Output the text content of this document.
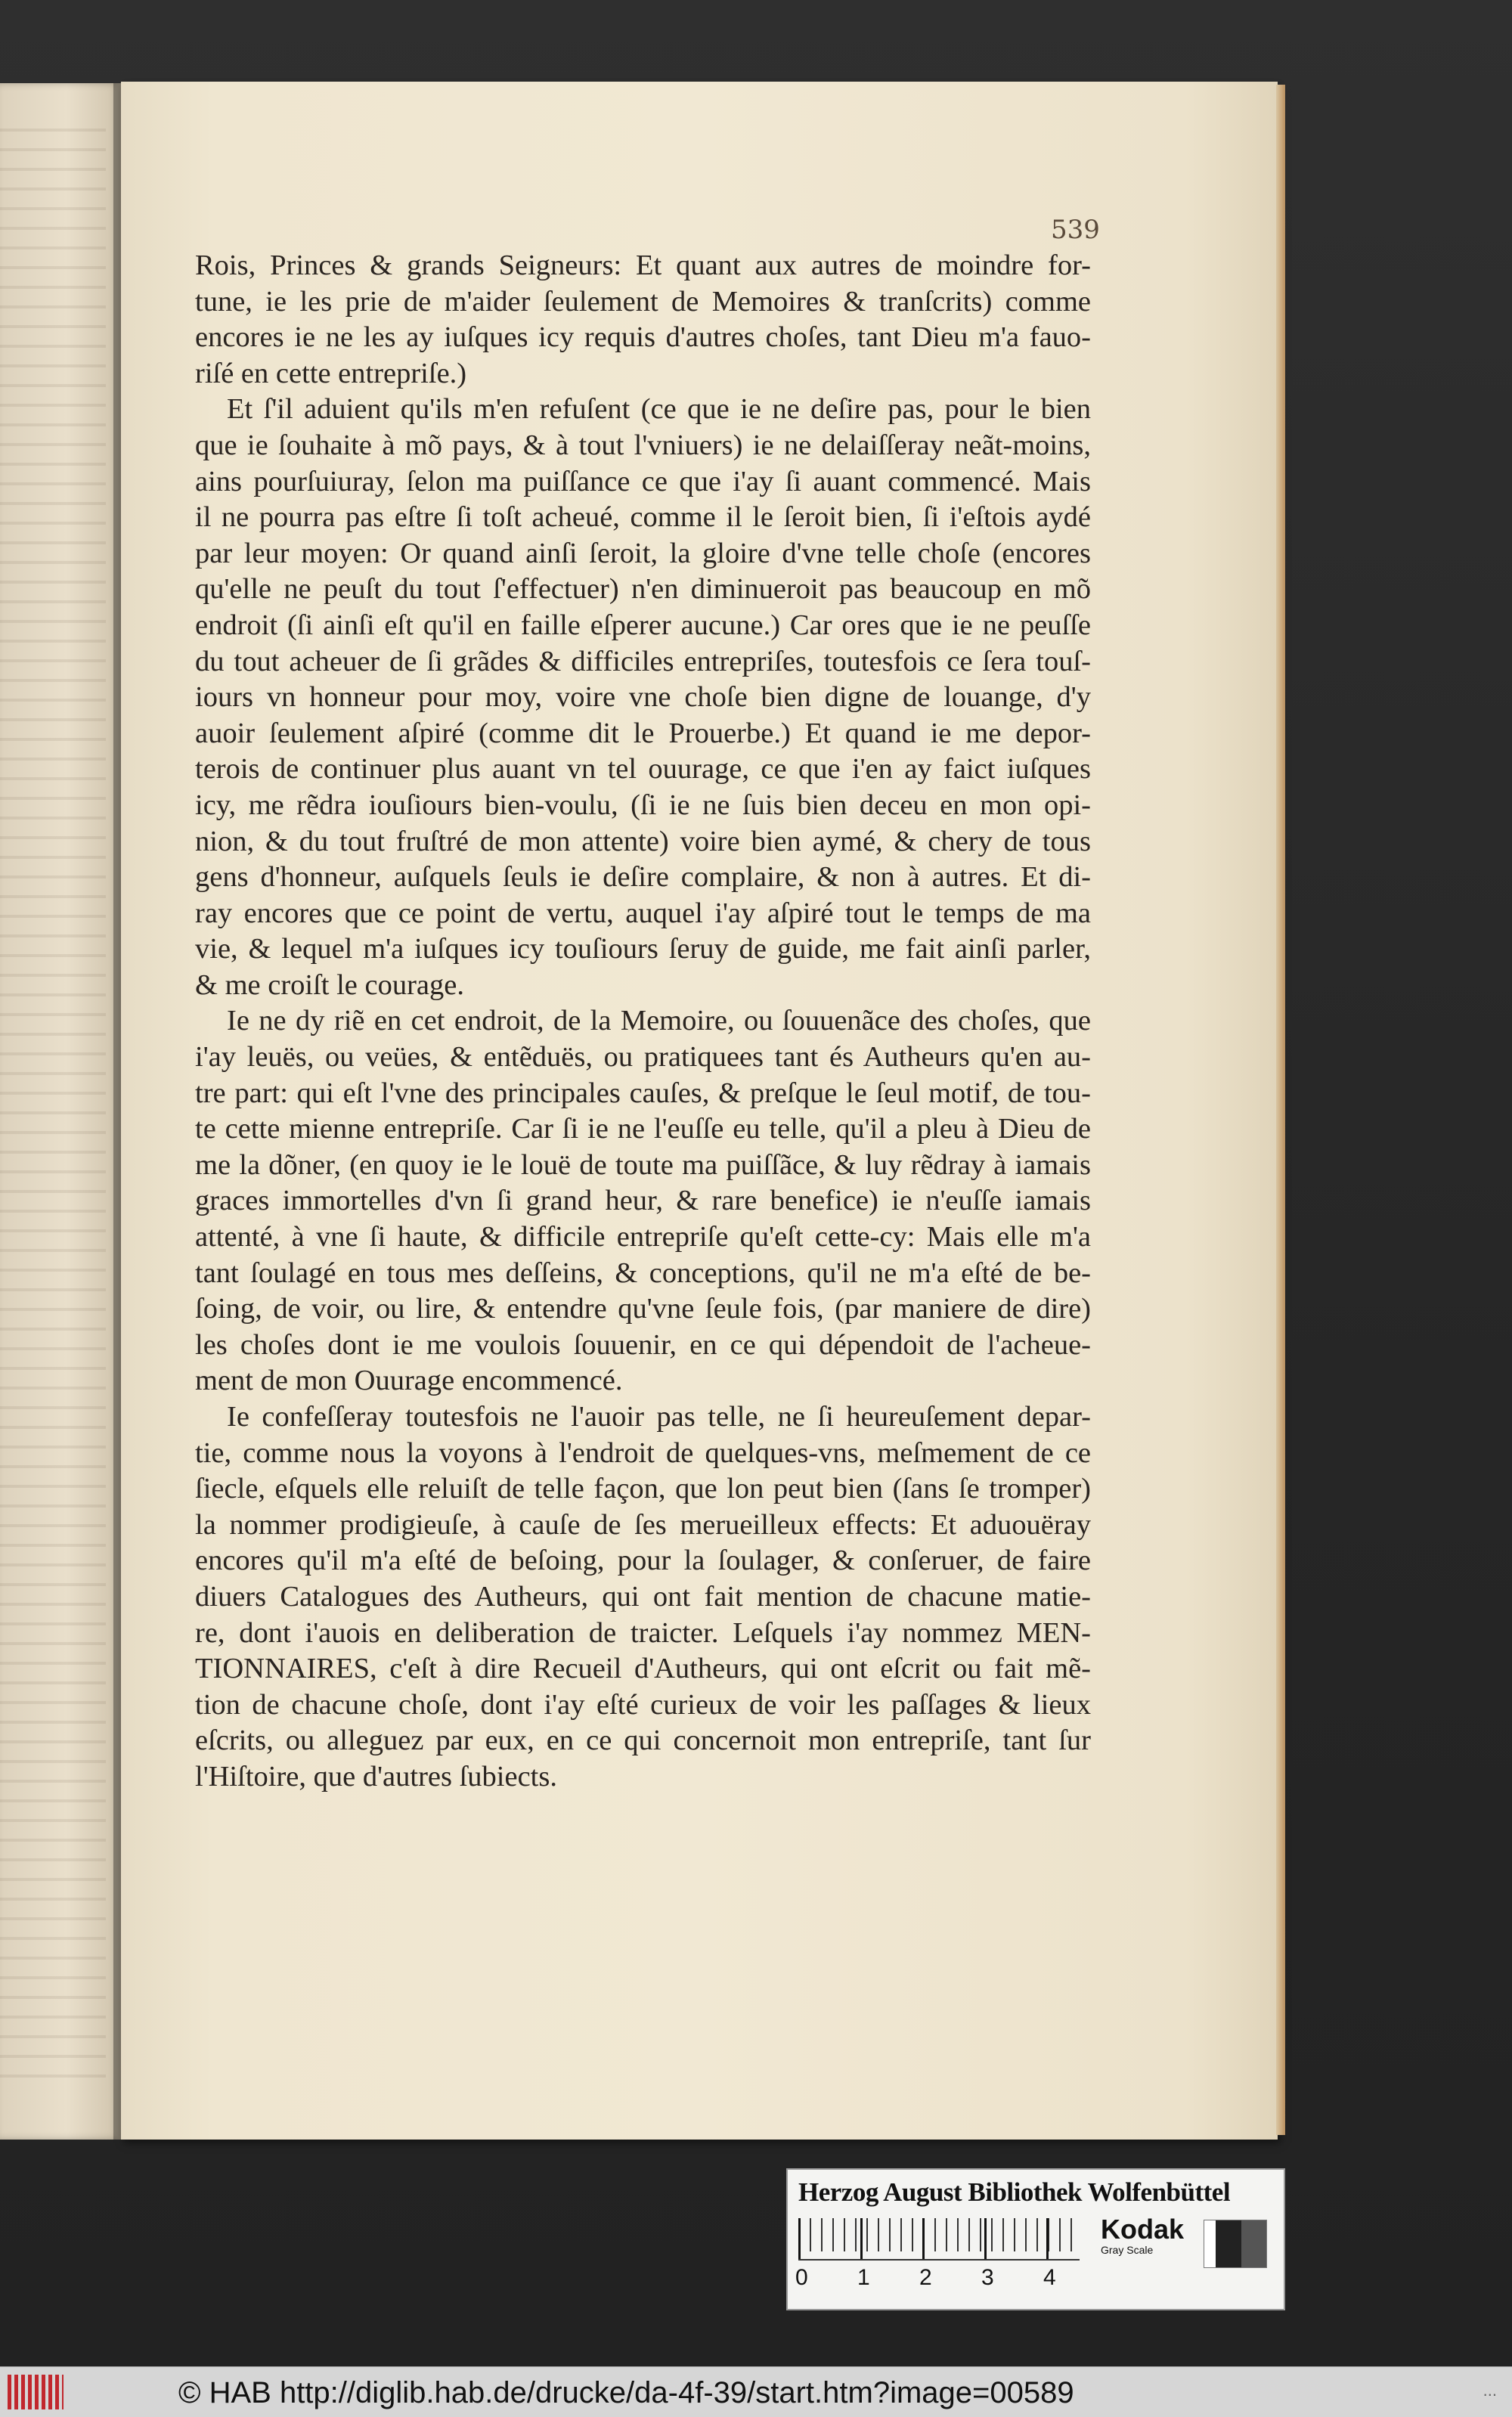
539
Rois, Princes & grands Seigneurs: Et quant aux autres de moindre for-
tune, ie les prie de m'aider ſeulement de Memoires & tranſcrits) comme
encores ie ne les ay iuſques icy requis d'autres choſes, tant Dieu m'a fauo-
riſé en cette entrepriſe.)
Et ſ'il aduient qu'ils m'en refuſent (ce que ie ne deſire pas, pour le bien
que ie ſouhaite à mõ pays, & à tout l'vniuers) ie ne delaiſſeray neãt-moins,
ains pourſuiuray, ſelon ma puiſſance ce que i'ay ſi auant commencé. Mais
il ne pourra pas eſtre ſi toſt acheué, comme il le ſeroit bien, ſi i'eſtois aydé
par leur moyen: Or quand ainſi ſeroit, la gloire d'vne telle choſe (encores
qu'elle ne peuſt du tout ſ'effectuer) n'en diminueroit pas beaucoup en mõ
endroit (ſi ainſi eſt qu'il en faille eſperer aucune.) Car ores que ie ne peuſſe
du tout acheuer de ſi grãdes & difficiles entrepriſes, toutesfois ce ſera touſ-
iours vn honneur pour moy, voire vne choſe bien digne de louange, d'y
auoir ſeulement aſpiré (comme dit le Prouerbe.) Et quand ie me depor-
terois de continuer plus auant vn tel ouurage, ce que i'en ay faict iuſques
icy, me rẽdra iouſiours bien-voulu, (ſi ie ne ſuis bien deceu en mon opi-
nion, & du tout fruſtré de mon attente) voire bien aymé, & chery de tous
gens d'honneur, auſquels ſeuls ie deſire complaire, & non à autres. Et di-
ray encores que ce point de vertu, auquel i'ay aſpiré tout le temps de ma
vie, & lequel m'a iuſques icy touſiours ſeruy de guide, me fait ainſi parler,
& me croiſt le courage.
Ie ne dy riẽ en cet endroit, de la Memoire, ou ſouuenãce des choſes, que
i'ay leuës, ou veües, & entẽduës, ou pratiquees tant és Autheurs qu'en au-
tre part: qui eſt l'vne des principales cauſes, & preſque le ſeul motif, de tou-
te cette mienne entrepriſe. Car ſi ie ne l'euſſe eu telle, qu'il a pleu à Dieu de
me la dõner, (en quoy ie le louë de toute ma puiſſãce, & luy rẽdray à iamais
graces immortelles d'vn ſi grand heur, & rare benefice) ie n'euſſe iamais
attenté, à vne ſi haute, & difficile entrepriſe qu'eſt cette-cy: Mais elle m'a
tant ſoulagé en tous mes deſſeins, & conceptions, qu'il ne m'a eſté de be-
ſoing, de voir, ou lire, & entendre qu'vne ſeule fois, (par maniere de dire)
les choſes dont ie me voulois ſouuenir, en ce qui dépendoit de l'acheue-
ment de mon Ouurage encommencé.
Ie confeſſeray toutesfois ne l'auoir pas telle, ne ſi heureuſement depar-
tie, comme nous la voyons à l'endroit de quelques-vns, meſmement de ce
ſiecle, eſquels elle reluiſt de telle façon, que lon peut bien (ſans ſe tromper)
la nommer prodigieuſe, à cauſe de ſes merueilleux effects: Et aduouëray
encores qu'il m'a eſté de beſoing, pour la ſoulager, & conſeruer, de faire
diuers Catalogues des Autheurs, qui ont fait mention de chacune matie-
re, dont i'auois en deliberation de traicter. Leſquels i'ay nommez MEN-
TIONNAIRES, c'eſt à dire Recueil d'Autheurs, qui ont eſcrit ou fait mẽ-
tion de chacune choſe, dont i'ay eſté curieux de voir les paſſages & lieux
eſcrits, ou alleguez par eux, en ce qui concernoit mon entrepriſe, tant ſur
l'Hiſtoire, que d'autres ſubiects.
Herzog August Bibliothek Wolfenbüttel
0 1 2 3 4
Kodak
Gray Scale
© HAB http://diglib.hab.de/drucke/da-4f-39/start.htm?image=00589	...
